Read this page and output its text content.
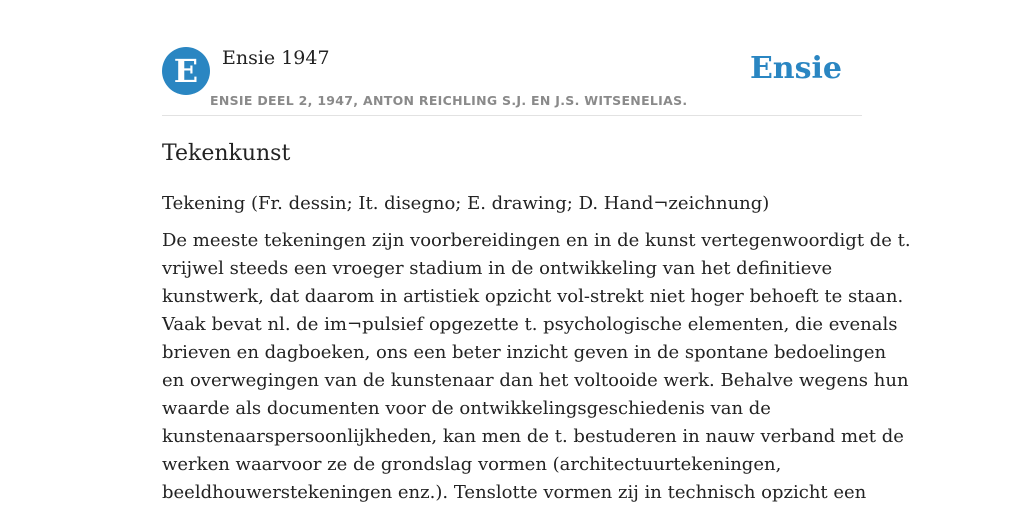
E	Ensie 1947
ENSIE DEEL 2, 1947, ANTON REICHLING S.J. EN J.S. WITSENELIAS.
Ensie
Tekenkunst

Tekening (Fr. dessin; It. disegno; E. drawing; D. Hand¬zeichnung)

De meeste tekeningen zijn voorbereidingen en in de kunst vertegenwoordigt de t.
vrijwel steeds een vroeger stadium in de ontwikkeling van het definitieve
kunstwerk, dat daarom in artistiek opzicht vol-strekt niet hoger behoeft te staan.
Vaak bevat nl. de im¬pulsief opgezette t. psychologische elementen, die evenals
brieven en dagboeken, ons een beter inzicht geven in de spontane bedoelingen
en overwegingen van de kunstenaar dan het voltooide werk. Behalve wegens hun
waarde als documenten voor de ontwikkelingsgeschiedenis van de
kunstenaarspersoonlijkheden, kan men de t. bestuderen in nauw verband met de
werken waarvoor ze de grondslag vormen (architectuurtekeningen,
beeldhouwerstekeningen enz.). Tenslotte vormen zij in technisch opzicht een
